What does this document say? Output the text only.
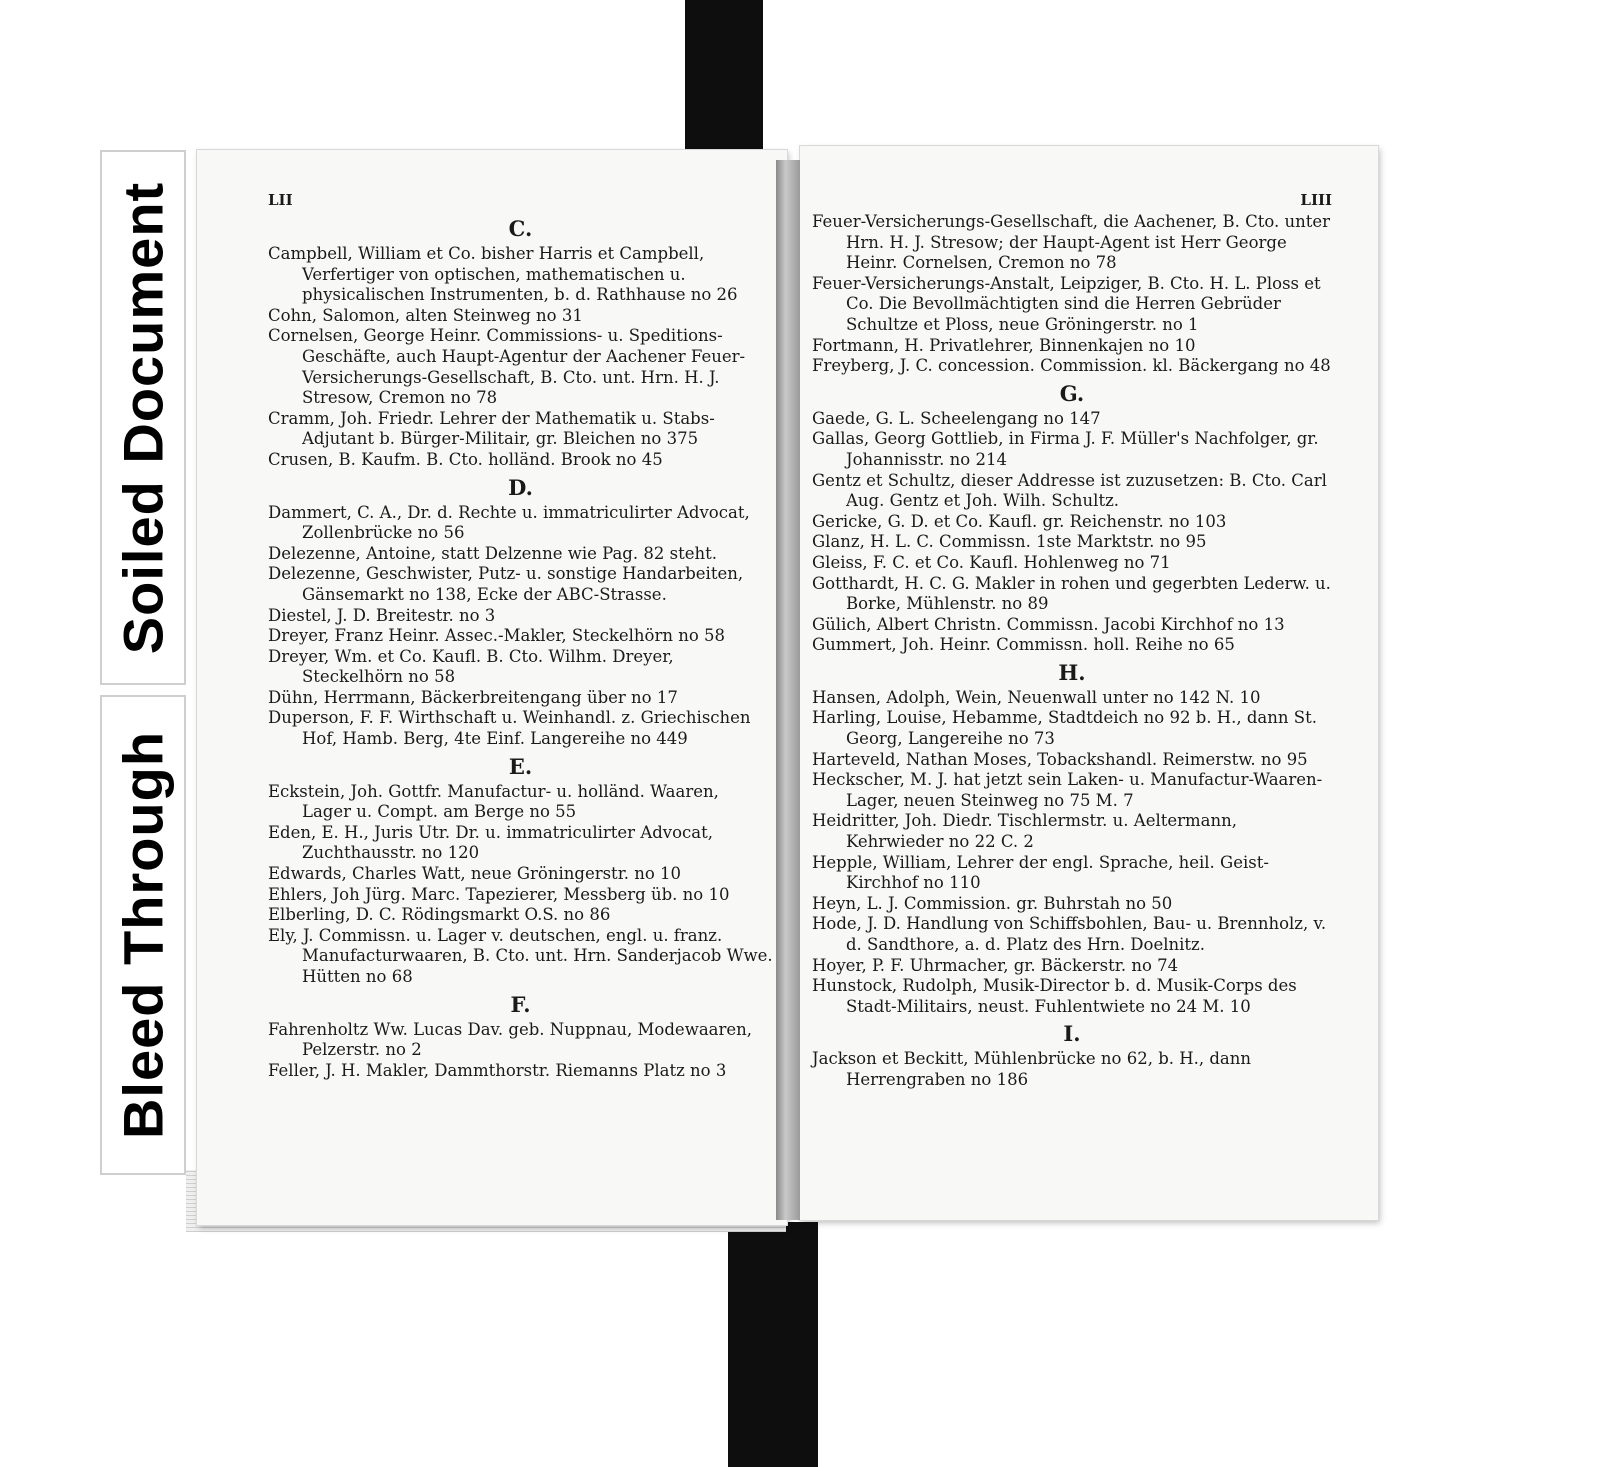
Soiled Document
Bleed Through
LII
C.

Campbell, William et Co. bisher Harris et Campbell, Verfertiger von optischen, mathematischen u. physicalischen Instrumenten, b. d. Rathhause no 26

Cohn, Salomon, alten Steinweg no 31

Cornelsen, George Heinr. Commissions- u. Speditions-Geschäfte, auch Haupt-Agentur der Aachener Feuer-Versicherungs-Gesellschaft, B. Cto. unt. Hrn. H. J. Stresow, Cremon no 78

Cramm, Joh. Friedr. Lehrer der Mathematik u. Stabs-Adjutant b. Bürger-Militair, gr. Bleichen no 375

Crusen, B. Kaufm. B. Cto. holländ. Brook no 45

D.

Dammert, C. A., Dr. d. Rechte u. immatriculirter Advocat, Zollenbrücke no 56

Delezenne, Antoine, statt Delzenne wie Pag. 82 steht.

Delezenne, Geschwister, Putz- u. sonstige Handarbeiten, Gänsemarkt no 138, Ecke der ABC-Strasse.

Diestel, J. D. Breitestr. no 3

Dreyer, Franz Heinr. Assec.-Makler, Steckelhörn no 58

Dreyer, Wm. et Co. Kaufl. B. Cto. Wilhm. Dreyer, Steckelhörn no 58

Dühn, Herrmann, Bäckerbreitengang über no 17

Duperson, F. F. Wirthschaft u. Weinhandl. z. Griechischen Hof, Hamb. Berg, 4te Einf. Langereihe no 449

E.

Eckstein, Joh. Gottfr. Manufactur- u. holländ. Waaren, Lager u. Compt. am Berge no 55

Eden, E. H., Juris Utr. Dr. u. immatriculirter Advocat, Zuchthausstr. no 120

Edwards, Charles Watt, neue Gröningerstr. no 10

Ehlers, Joh Jürg. Marc. Tapezierer, Messberg üb. no 10

Elberling, D. C. Rödingsmarkt O.S. no 86

Ely, J. Commissn. u. Lager v. deutschen, engl. u. franz. Manufacturwaaren, B. Cto. unt. Hrn. Sanderjacob Wwe. Hütten no 68

F.

Fahrenholtz Ww. Lucas Dav. geb. Nuppnau, Modewaaren, Pelzerstr. no 2

Feller, J. H. Makler, Dammthorstr. Riemanns Platz no 3

LIII

Feuer-Versicherungs-Gesellschaft, die Aachener, B. Cto. unter Hrn. H. J. Stresow; der Haupt-Agent ist Herr George Heinr. Cornelsen, Cremon no 78

Feuer-Versicherungs-Anstalt, Leipziger, B. Cto. H. L. Ploss et Co. Die Bevollmächtigten sind die Herren Gebrüder Schultze et Ploss, neue Gröningerstr. no 1

Fortmann, H. Privatlehrer, Binnenkajen no 10

Freyberg, J. C. concession. Commission. kl. Bäckergang no 48

G.

Gaede, G. L. Scheelengang no 147

Gallas, Georg Gottlieb, in Firma J. F. Müller's Nachfolger, gr. Johannisstr. no 214

Gentz et Schultz, dieser Addresse ist zuzusetzen: B. Cto. Carl Aug. Gentz et Joh. Wilh. Schultz.

Gericke, G. D. et Co. Kaufl. gr. Reichenstr. no 103

Glanz, H. L. C. Commissn. 1ste Marktstr. no 95

Gleiss, F. C. et Co. Kaufl. Hohlenweg no 71

Gotthardt, H. C. G. Makler in rohen und gegerbten Lederw. u. Borke, Mühlenstr. no 89

Gülich, Albert Christn. Commissn. Jacobi Kirchhof no 13

Gummert, Joh. Heinr. Commissn. holl. Reihe no 65

H.

Hansen, Adolph, Wein, Neuenwall unter no 142 N. 10

Harling, Louise, Hebamme, Stadtdeich no 92 b. H., dann St. Georg, Langereihe no 73

Harteveld, Nathan Moses, Tobackshandl. Reimerstw. no 95

Heckscher, M. J. hat jetzt sein Laken- u. Manufactur-Waaren-Lager, neuen Steinweg no 75 M. 7

Heidritter, Joh. Diedr. Tischlermstr. u. Aeltermann, Kehrwieder no 22 C. 2

Hepple, William, Lehrer der engl. Sprache, heil. Geist-Kirchhof no 110

Heyn, L. J. Commission. gr. Buhrstah no 50

Hode, J. D. Handlung von Schiffsbohlen, Bau- u. Brennholz, v. d. Sandthore, a. d. Platz des Hrn. Doelnitz.

Hoyer, P. F. Uhrmacher, gr. Bäckerstr. no 74

Hunstock, Rudolph, Musik-Director b. d. Musik-Corps des Stadt-Militairs, neust. Fuhlentwiete no 24 M. 10

I.

Jackson et Beckitt, Mühlenbrücke no 62, b. H., dann Herrengraben no 186
